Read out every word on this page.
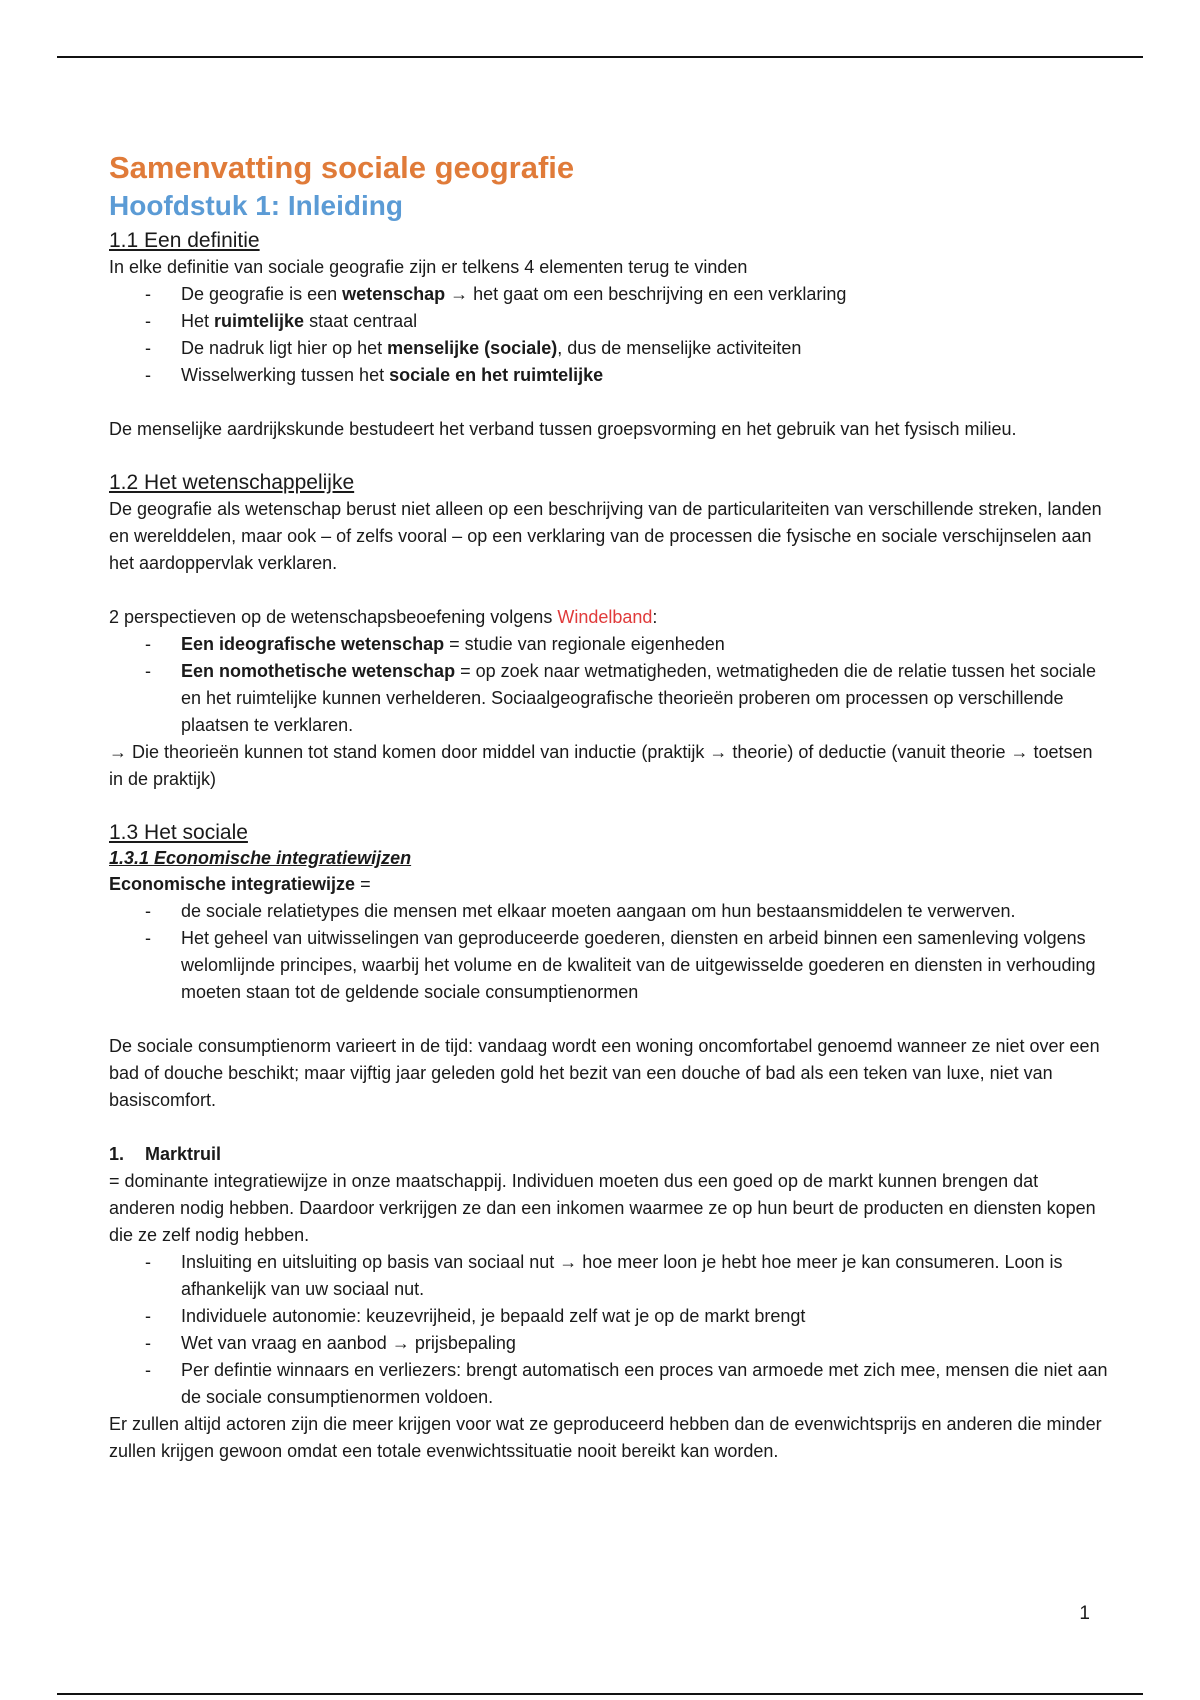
Samenvatting sociale geografie
Hoofdstuk 1: Inleiding
1.1 Een definitie

In elke definitie van sociale geografie zijn er telkens 4 elementen terug te vinden

- De geografie is een wetenschap → het gaat om een beschrijving en een verklaring
- Het ruimtelijke staat centraal
- De nadruk ligt hier op het menselijke (sociale), dus de menselijke activiteiten
- Wisselwerking tussen het sociale en het ruimtelijke

De menselijke aardrijkskunde bestudeert het verband tussen groepsvorming en het gebruik van het fysisch milieu.

1.2 Het wetenschappelijke

De geografie als wetenschap berust niet alleen op een beschrijving van de particulariteiten van verschillende streken, landen en werelddelen, maar ook – of zelfs vooral – op een verklaring van de processen die fysische en sociale verschijnselen aan het aardoppervlak verklaren.

2 perspectieven op de wetenschapsbeoefening volgens Windelband:

- Een ideografische wetenschap = studie van regionale eigenheden
- Een nomothetische wetenschap = op zoek naar wetmatigheden, wetmatigheden die de relatie tussen het sociale en het ruimtelijke kunnen verhelderen. Sociaalgeografische theorieën proberen om processen op verschillende plaatsen te verklaren.

→ Die theorieën kunnen tot stand komen door middel van inductie (praktijk → theorie) of deductie (vanuit theorie → toetsen in de praktijk)

1.3 Het sociale
1.3.1 Economische integratiewijzen

Economische integratiewijze =

- de sociale relatietypes die mensen met elkaar moeten aangaan om hun bestaansmiddelen te verwerven.
- Het geheel van uitwisselingen van geproduceerde goederen, diensten en arbeid binnen een samenleving volgens welomlijnde principes, waarbij het volume en de kwaliteit van de uitgewisselde goederen en diensten in verhouding moeten staan tot de geldende sociale consumptienormen

De sociale consumptienorm varieert in de tijd: vandaag wordt een woning oncomfortabel genoemd wanneer ze niet over een bad of douche beschikt; maar vijftig jaar geleden gold het bezit van een douche of bad als een teken van luxe, niet van basiscomfort.

1. Marktruil

= dominante integratiewijze in onze maatschappij. Individuen moeten dus een goed op de markt kunnen brengen dat anderen nodig hebben. Daardoor verkrijgen ze dan een inkomen waarmee ze op hun beurt de producten en diensten kopen die ze zelf nodig hebben.

- Insluiting en uitsluiting op basis van sociaal nut → hoe meer loon je hebt hoe meer je kan consumeren. Loon is afhankelijk van uw sociaal nut.
- Individuele autonomie: keuzevrijheid, je bepaald zelf wat je op de markt brengt
- Wet van vraag en aanbod → prijsbepaling
- Per defintie winnaars en verliezers: brengt automatisch een proces van armoede met zich mee, mensen die niet aan de sociale consumptienormen voldoen.

Er zullen altijd actoren zijn die meer krijgen voor wat ze geproduceerd hebben dan de evenwichtsprijs en anderen die minder zullen krijgen gewoon omdat een totale evenwichtssituatie nooit bereikt kan worden.

1
